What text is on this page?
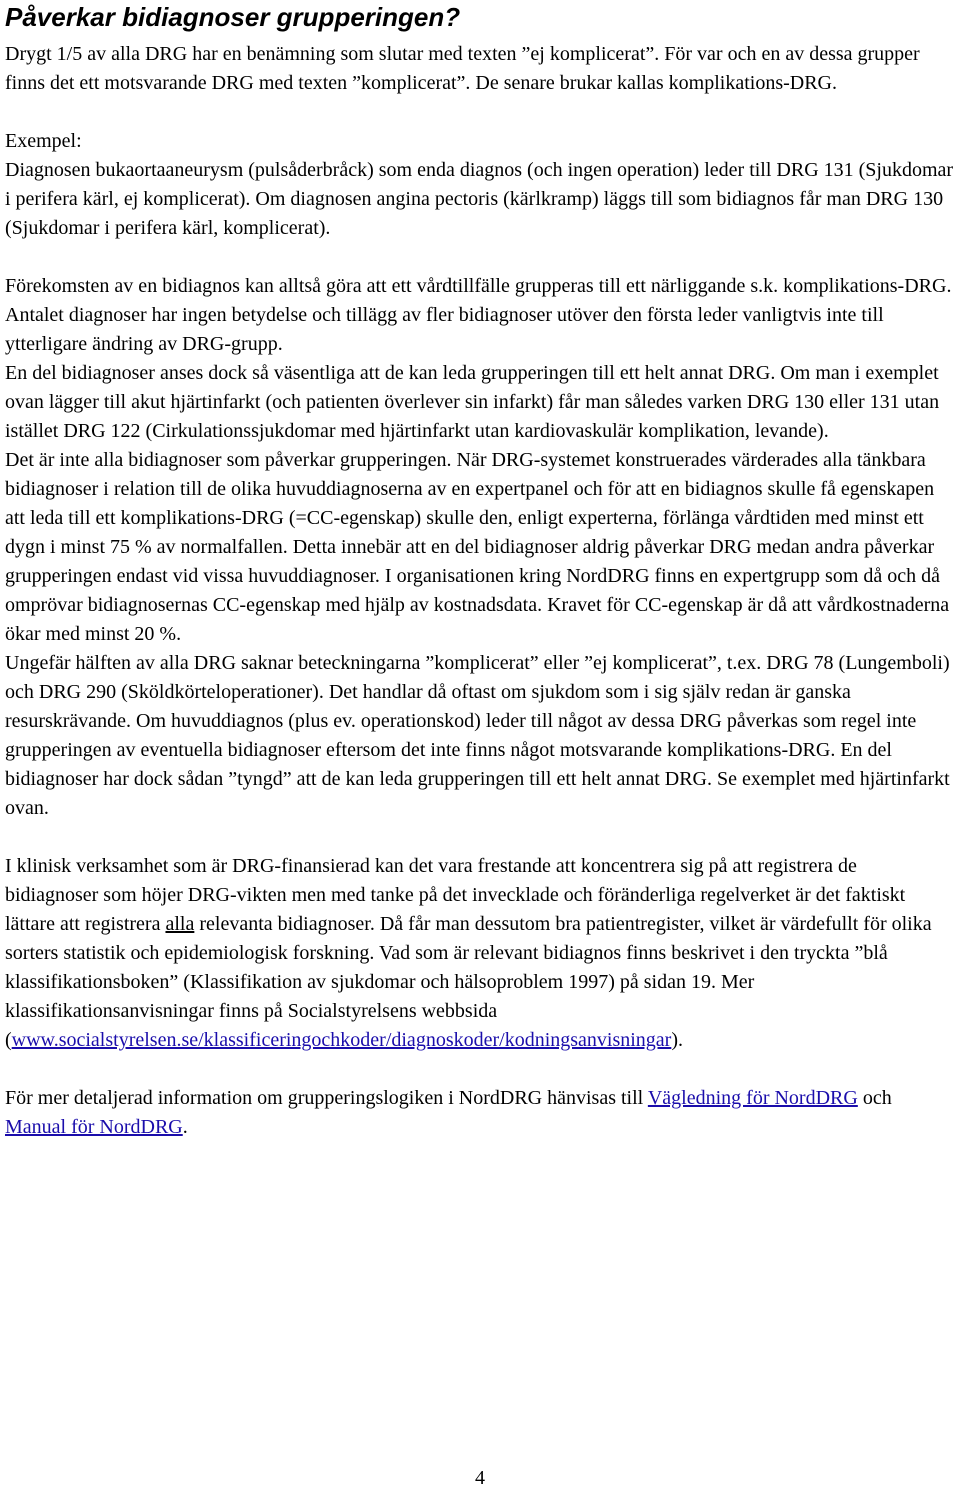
Påverkar bidiagnoser grupperingen?

Drygt 1/5 av alla DRG har en benämning som slutar med texten ”ej komplicerat”. För var och en av dessa grupper finns det ett motsvarande DRG med texten ”komplicerat”. De senare brukar kallas komplikations-DRG.

Exempel:

Diagnosen bukaortaaneurysm (pulsåderbråck) som enda diagnos (och ingen operation) leder till DRG 131 (Sjukdomar i perifera kärl, ej komplicerat). Om diagnosen angina pectoris (kärlkramp) läggs till som bidiagnos får man DRG 130 (Sjukdomar i perifera kärl, komplicerat).

Förekomsten av en bidiagnos kan alltså göra att ett vårdtillfälle grupperas till ett närliggande s.k. komplikations-DRG. Antalet diagnoser har ingen betydelse och tillägg av fler bidiagnoser utöver den första leder vanligtvis inte till ytterligare ändring av DRG-grupp.

En del bidiagnoser anses dock så väsentliga att de kan leda grupperingen till ett helt annat DRG. Om man i exemplet ovan lägger till akut hjärtinfarkt (och patienten överlever sin infarkt) får man således varken DRG 130 eller 131 utan istället DRG 122 (Cirkulationssjukdomar med hjärtinfarkt utan kardiovaskulär komplikation, levande).

Det är inte alla bidiagnoser som påverkar grupperingen. När DRG-systemet konstruerades värderades alla tänkbara bidiagnoser i relation till de olika huvuddiagnoserna av en expertpanel och för att en bidiagnos skulle få egenskapen att leda till ett komplikations-DRG (=CC-egenskap) skulle den, enligt experterna, förlänga vårdtiden med minst ett dygn i minst 75 % av normalfallen. Detta innebär att en del bidiagnoser aldrig påverkar DRG medan andra påverkar grupperingen endast vid vissa huvuddiagnoser. I organisationen kring NordDRG finns en expertgrupp som då och då omprövar bidiagnosernas CC-egenskap med hjälp av kostnadsdata. Kravet för CC-egenskap är då att vårdkostnaderna ökar med minst 20 %.

Ungefär hälften av alla DRG saknar beteckningarna ”komplicerat” eller ”ej komplicerat”, t.ex. DRG 78 (Lungemboli) och DRG 290 (Sköldkörteloperationer). Det handlar då oftast om sjukdom som i sig själv redan är ganska resurskrävande. Om huvuddiagnos (plus ev. operationskod) leder till något av dessa DRG påverkas som regel inte grupperingen av eventuella bidiagnoser eftersom det inte finns något motsvarande komplikations-DRG. En del bidiagnoser har dock sådan ”tyngd” att de kan leda grupperingen till ett helt annat DRG. Se exemplet med hjärtinfarkt ovan.

I klinisk verksamhet som är DRG-finansierad kan det vara frestande att koncentrera sig på att registrera de bidiagnoser som höjer DRG-vikten men med tanke på det invecklade och föränderliga regelverket är det faktiskt lättare att registrera alla relevanta bidiagnoser. Då får man dessutom bra patientregister, vilket är värdefullt för olika sorters statistik och epidemiologisk forskning. Vad som är relevant bidiagnos finns beskrivet i den tryckta ”blå klassifikationsboken” (Klassifikation av sjukdomar och hälsoproblem 1997) på sidan 19. Mer klassifikationsanvisningar finns på Socialstyrelsens webbsida (www.socialstyrelsen.se/klassificeringochkoder/diagnoskoder/kodningsanvisningar).

För mer detaljerad information om grupperingslogiken i NordDRG hänvisas till Vägledning för NordDRG och Manual för NordDRG.

4
